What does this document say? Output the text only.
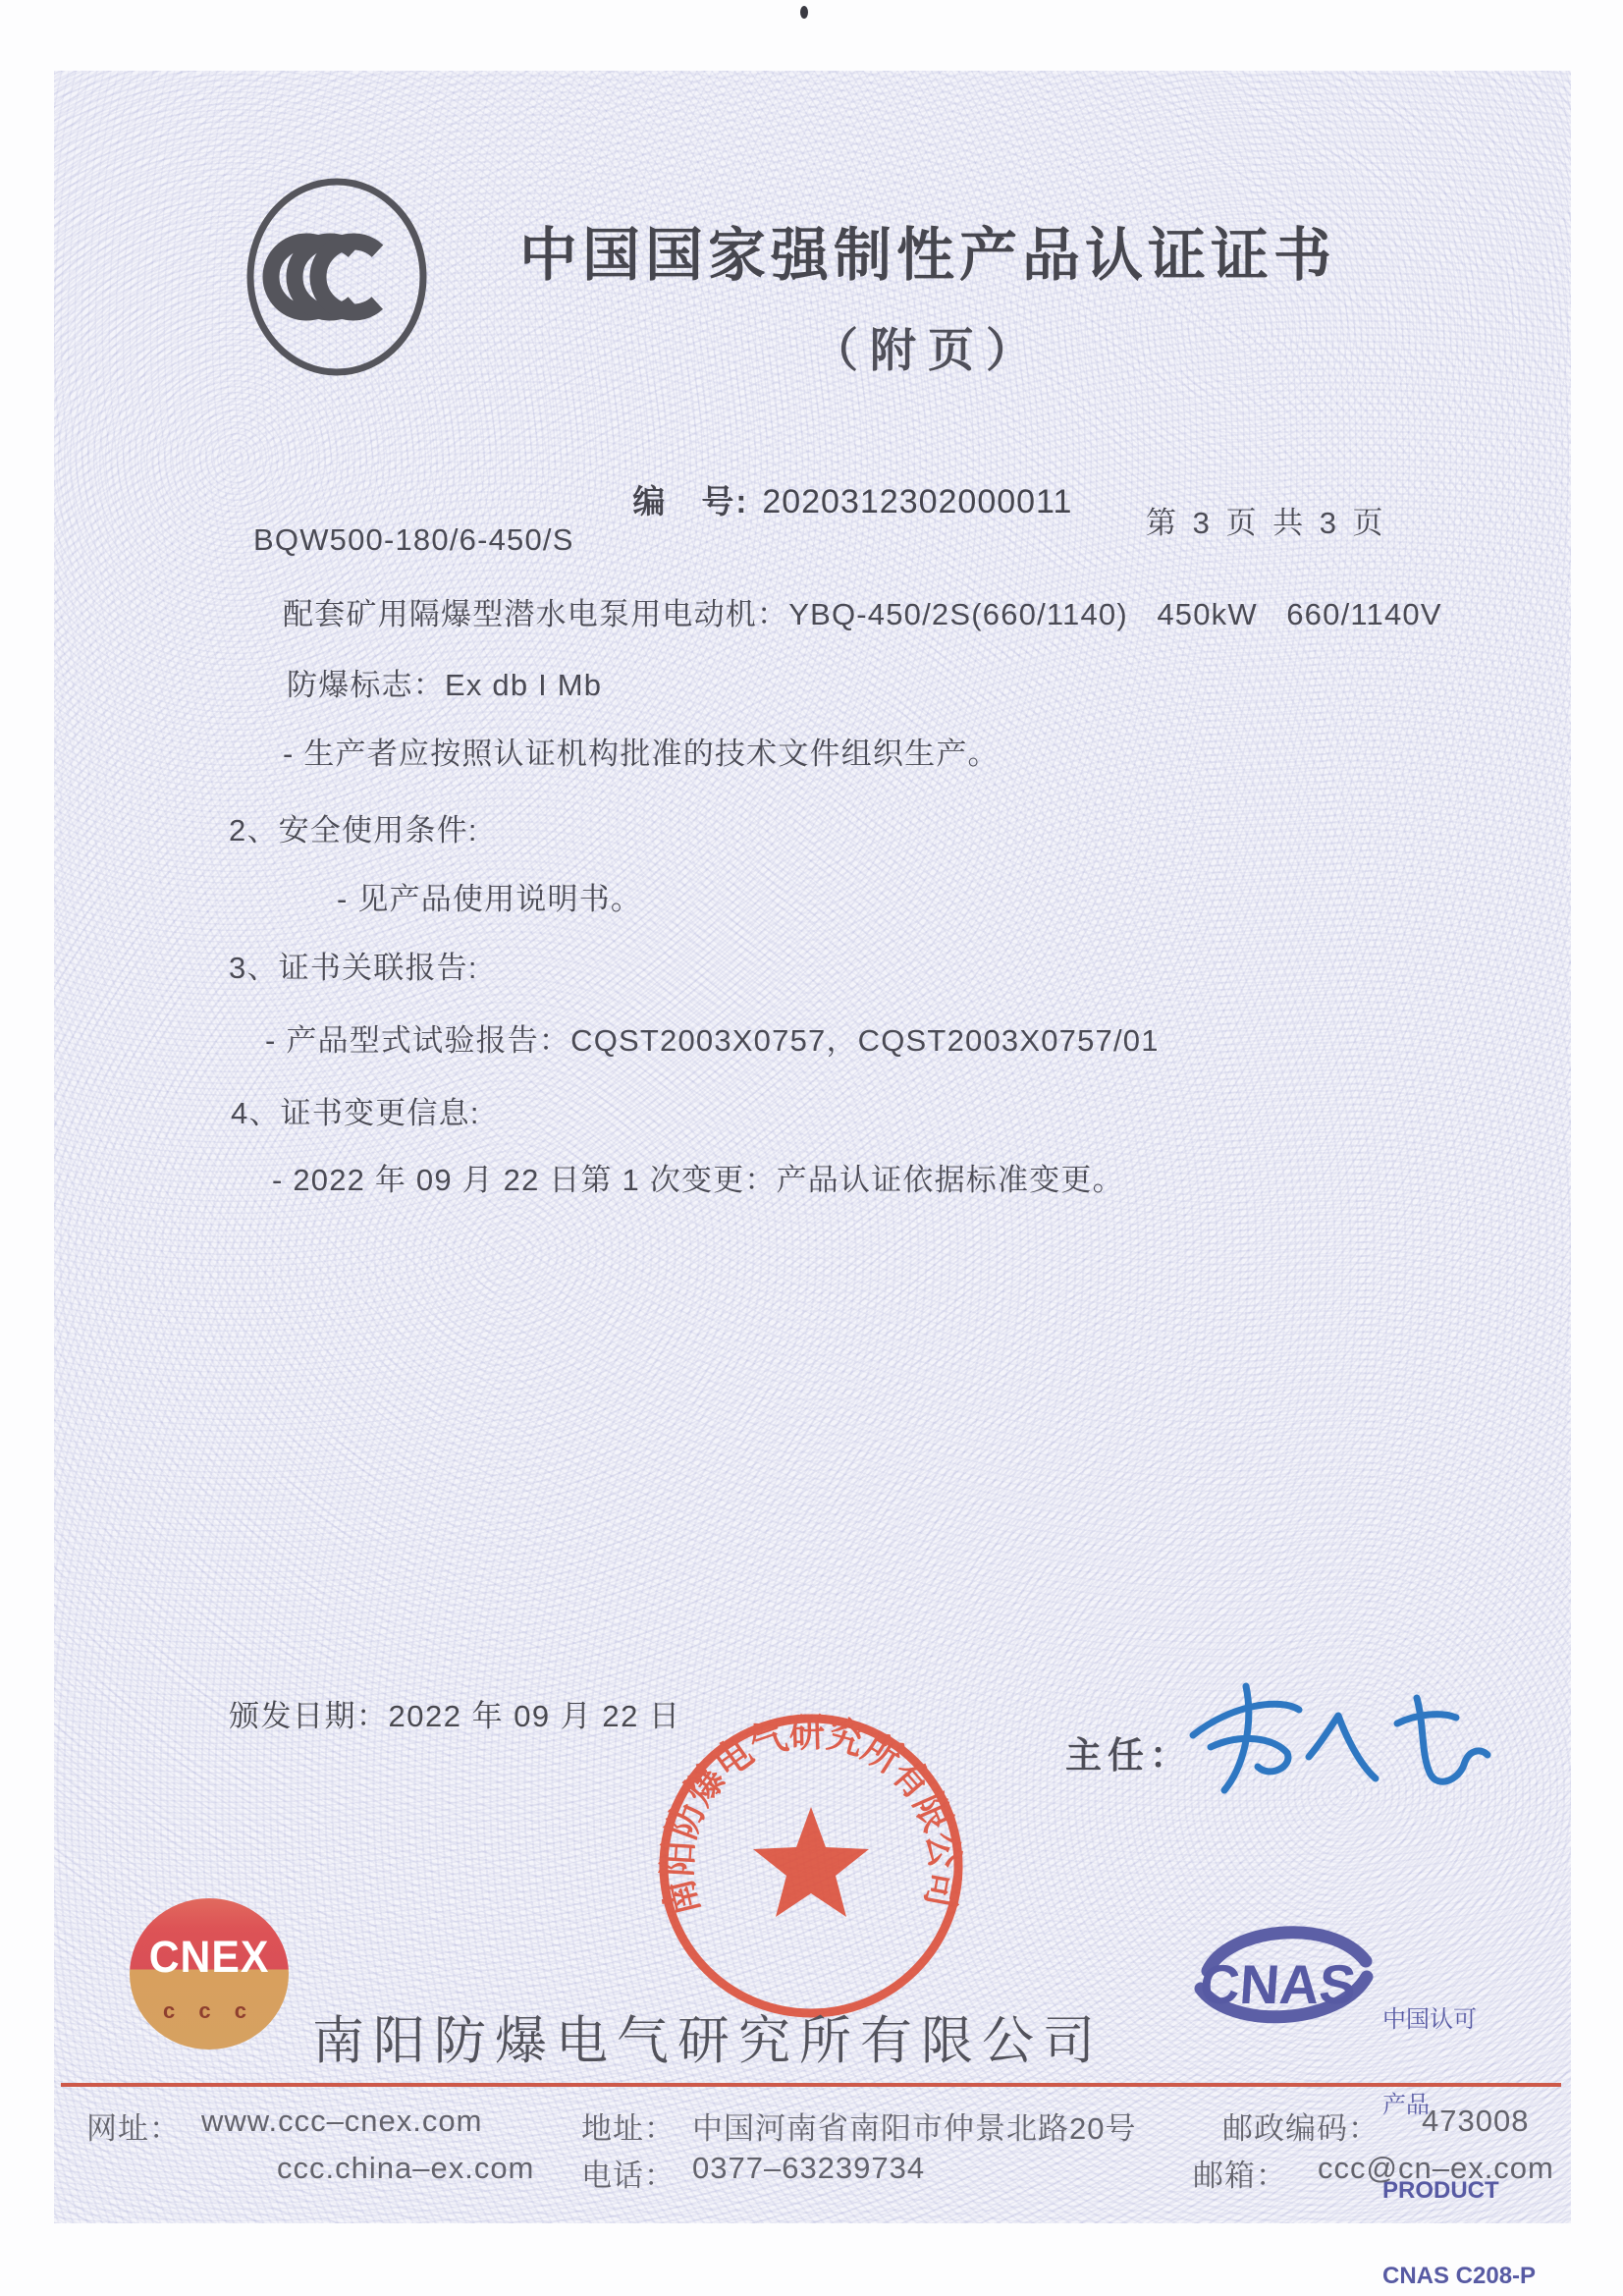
中国国家强制性产品认证证书
（附页）

编　号: 2020312302000011

第 3 页 共 3 页
BQW500-180/6-450/S
配套矿用隔爆型潜水电泵用电动机：YBQ-450/2S(660/1140)   450kW   660/1140V
防爆标志：Ex db I Mb
- 生产者应按照认证机构批准的技术文件组织生产。
2、安全使用条件:
- 见产品使用说明书。
3、证书关联报告:
- 产品型式试验报告：CQST2003X0757，CQST2003X0757/01
4、证书变更信息:
- 2022 年 09 月 22 日第 1 次变更：产品认证依据标准变更。
颁发日期：2022 年 09 月 22 日
主任：
南阳防爆电气研究所有限公司
CNEX
c c c
南阳防爆电气研究所有限公司
CNAS

中国认可

产品

PRODUCT

CNAS C208-P

网址： www.ccc–cnex.com
ccc.china–ex.com
地址： 中国河南省南阳市仲景北路20号
电话： 0377–63239734
邮政编码： 473008
邮箱： ccc@cn–ex.com
